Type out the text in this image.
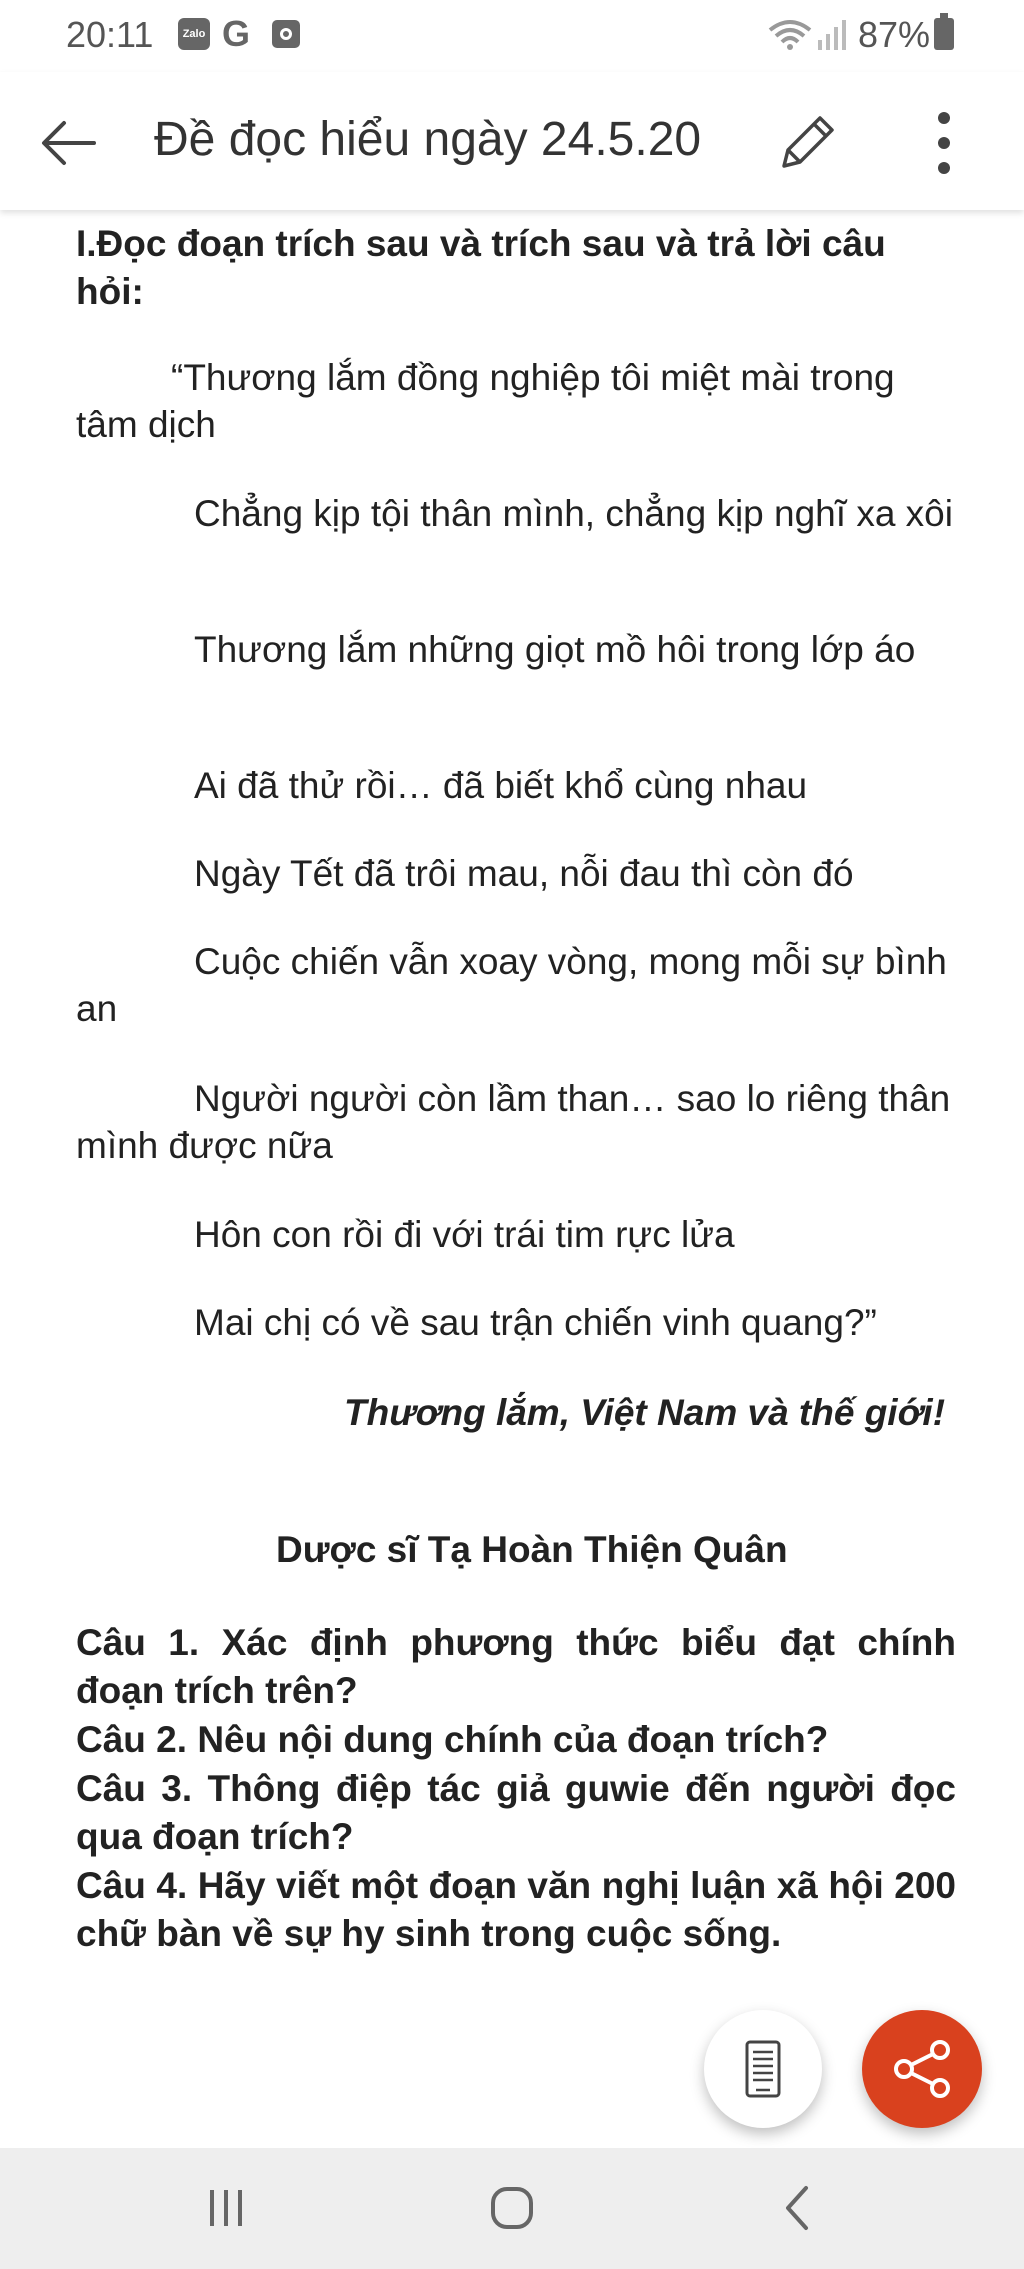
20:11	Zalo G	87%
Đề đọc hiểu ngày 24.5.20
I.Đọc đoạn trích sau và trích sau và trả lời câu hỏi:
“Thương lắm đồng nghiệp tôi miệt mài trong tâm dịch
Chẳng kịp tội thân mình, chẳng kịp nghĩ xa xôi
Thương lắm những giọt mồ hôi trong lớp áo
Ai đã thử rồi… đã biết khổ cùng nhau
Ngày Tết đã trôi mau, nỗi đau thì còn đó
Cuộc chiến vẫn xoay vòng, mong mỗi sự bình an
Người người còn lầm than… sao lo riêng thân mình được nữa
Hôn con rồi đi với trái tim rực lửa
Mai chị có về sau trận chiến vinh quang?”
Thương lắm, Việt Nam và thế giới!
Dược sĩ Tạ Hoàn Thiện Quân
Câu 1. Xác định phương thức biểu đạt chính đoạn trích trên?
Câu 2. Nêu nội dung chính của đoạn trích?
Câu 3. Thông điệp tác giả guwie đến người đọc qua đoạn trích?
Câu 4. Hãy viết một đoạn văn nghị luận xã hội 200 chữ bàn về sự hy sinh trong cuộc sống.
